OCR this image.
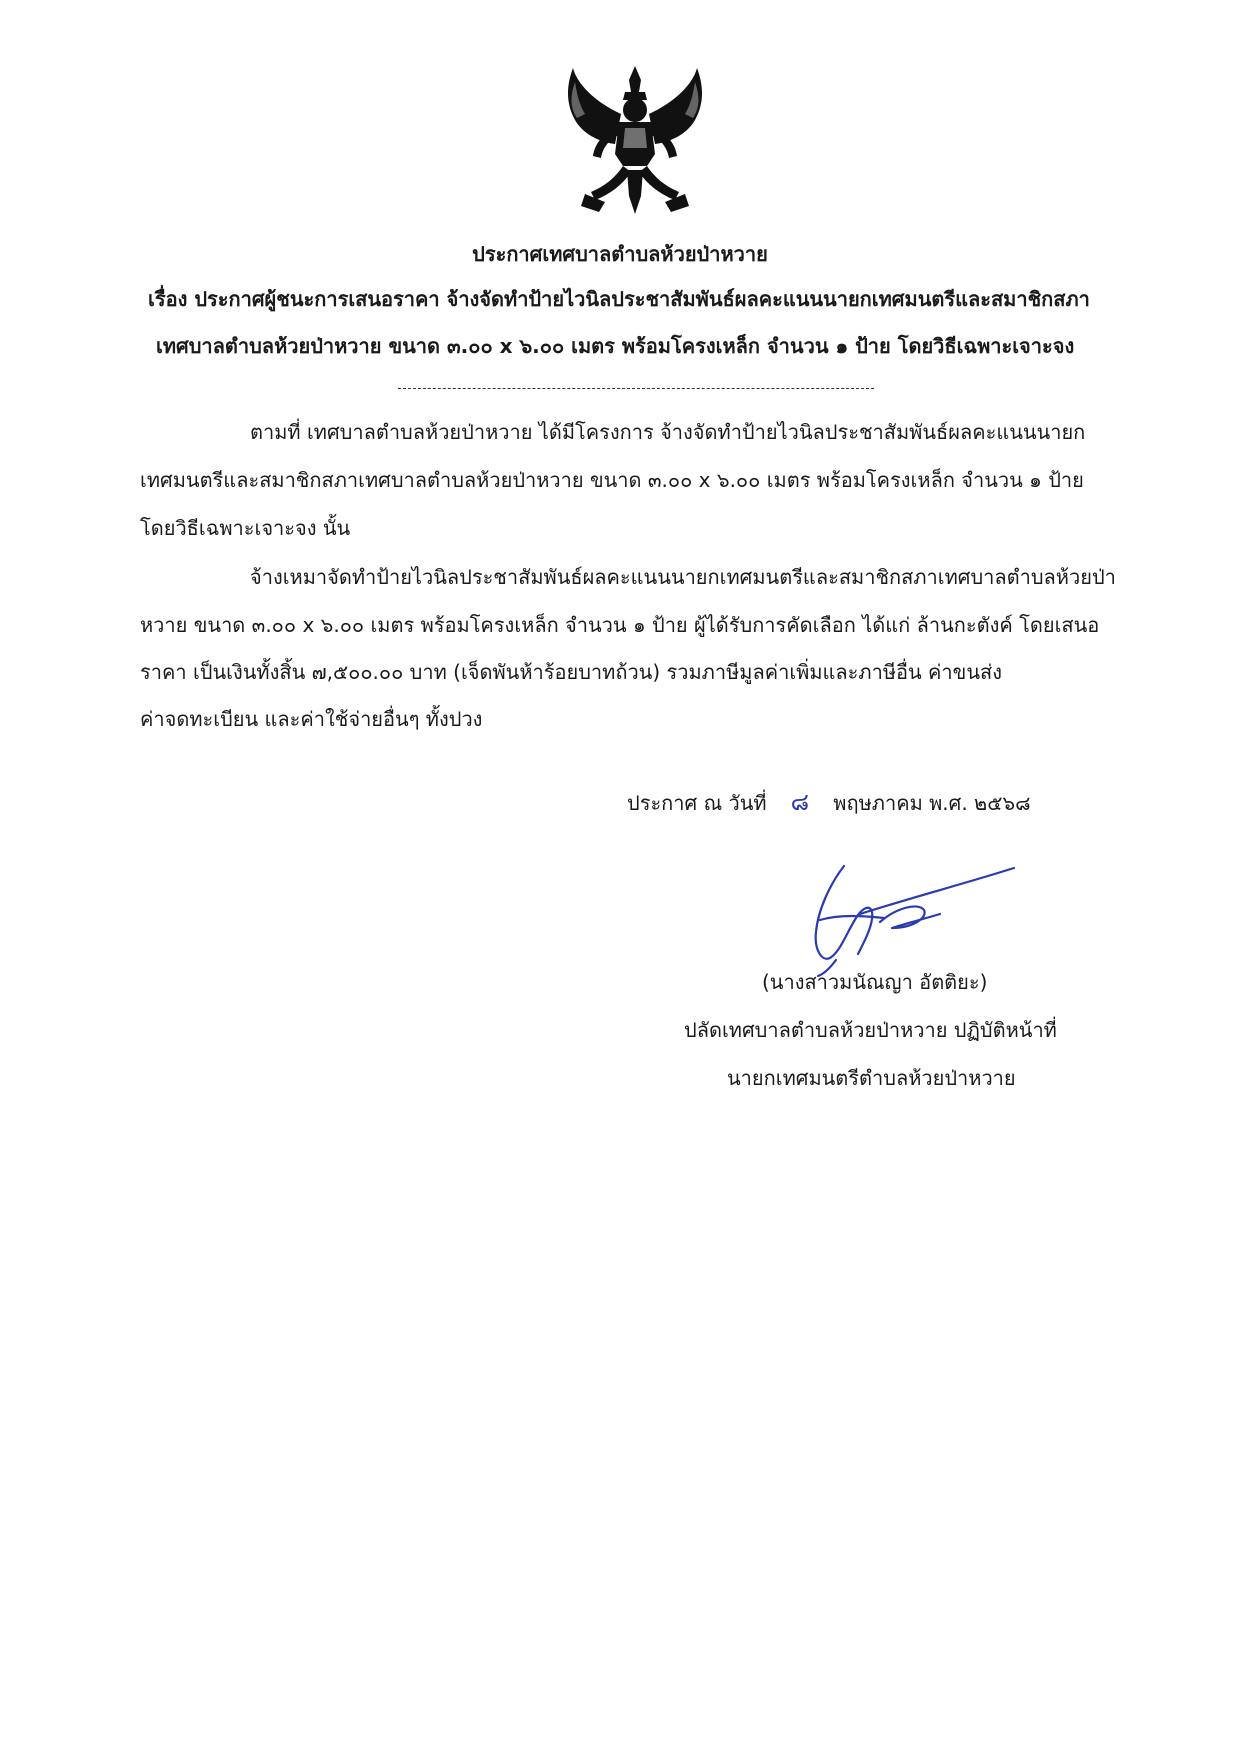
ประกาศเทศบาลตำบลห้วยป่าหวาย
เรื่อง ประกาศผู้ชนะการเสนอราคา จ้างจัดทำป้ายไวนิลประชาสัมพันธ์ผลคะแนนนายกเทศมนตรีและสมาชิกสภา
เทศบาลตำบลห้วยป่าหวาย ขนาด ๓.๐๐ x ๖.๐๐ เมตร พร้อมโครงเหล็ก จำนวน ๑ ป้าย โดยวิธีเฉพาะเจาะจง
ตามที่ เทศบาลตำบลห้วยป่าหวาย ได้มีโครงการ จ้างจัดทำป้ายไวนิลประชาสัมพันธ์ผลคะแนนนายก
เทศมนตรีและสมาชิกสภาเทศบาลตำบลห้วยป่าหวาย ขนาด ๓.๐๐ x ๖.๐๐ เมตร พร้อมโครงเหล็ก จำนวน ๑ ป้าย
โดยวิธีเฉพาะเจาะจง นั้น
จ้างเหมาจัดทำป้ายไวนิลประชาสัมพันธ์ผลคะแนนนายกเทศมนตรีและสมาชิกสภาเทศบาลตำบลห้วยป่า
หวาย ขนาด ๓.๐๐ x ๖.๐๐ เมตร พร้อมโครงเหล็ก จำนวน ๑ ป้าย ผู้ได้รับการคัดเลือก ได้แก่ ล้านกะตังค์ โดยเสนอ
ราคา เป็นเงินทั้งสิ้น ๗,๕๐๐.๐๐ บาท (เจ็ดพันห้าร้อยบาทถ้วน) รวมภาษีมูลค่าเพิ่มและภาษีอื่น ค่าขนส่ง
ค่าจดทะเบียน และค่าใช้จ่ายอื่นๆ ทั้งปวง
ประกาศ ณ วันที่ ๘ พฤษภาคม พ.ศ. ๒๕๖๘
(นางสาวมนัณญา อัตติยะ)
ปลัดเทศบาลตำบลห้วยป่าหวาย ปฏิบัติหน้าที่
นายกเทศมนตรีตำบลห้วยป่าหวาย
